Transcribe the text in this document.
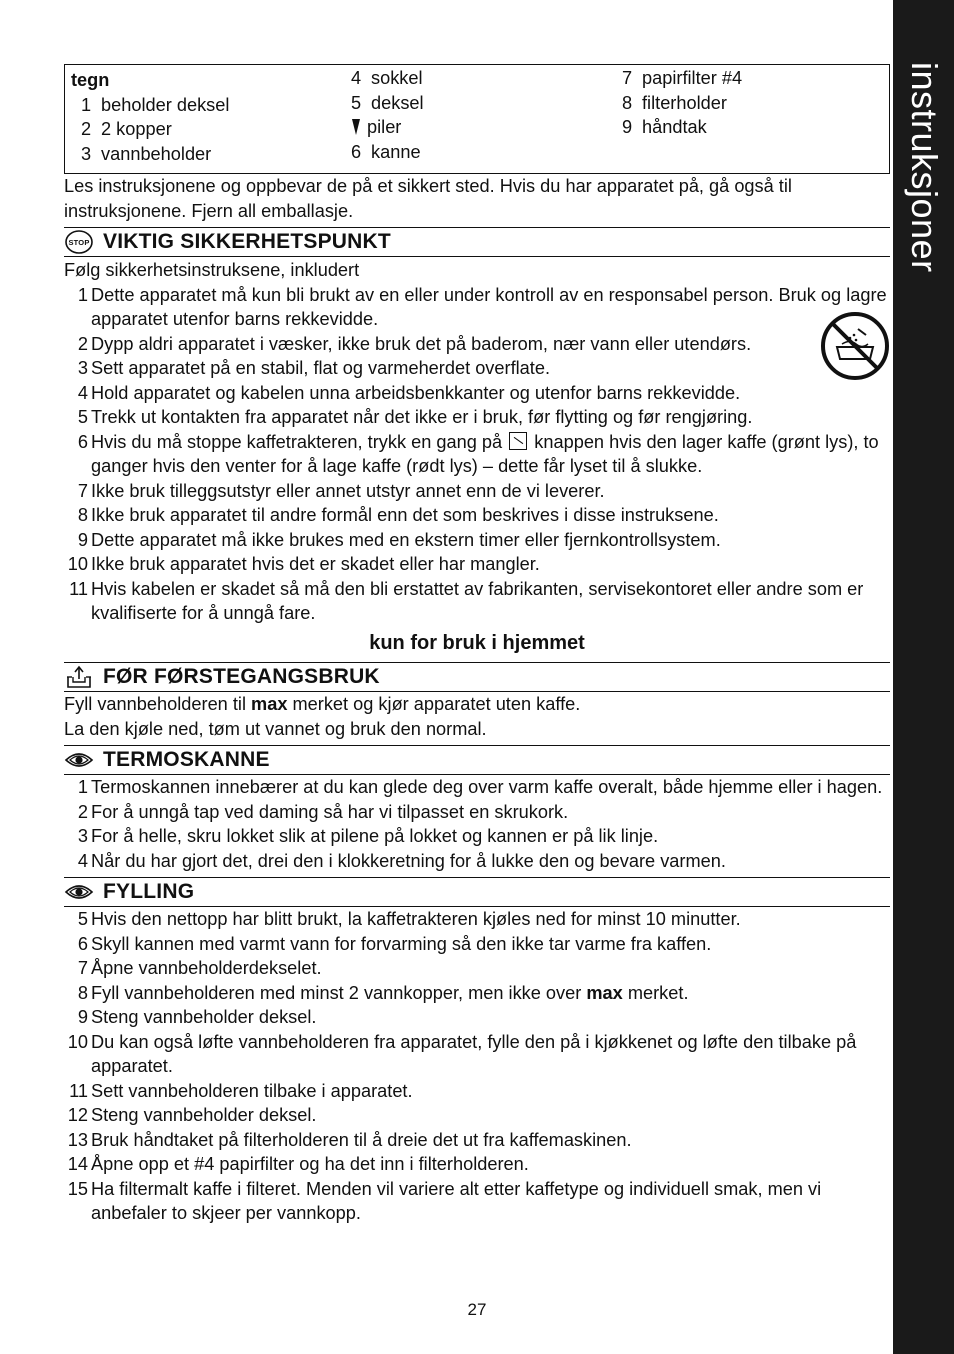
instruksjoner
tegn
1 beholder deksel
2 2 kopper
3 vannbeholder
4 sokkel
5 deksel
piler
6 kanne
7 papirfilter #4
8 filterholder
9 håndtak
Les instruksjonene og oppbevar de på et sikkert sted. Hvis du har apparatet på, gå også til instruksjonene. Fjern all emballasje.
STOP VIKTIG SIKKERHETSPUNKT
Følg sikkerhetsinstruksene, inkludert
1 Dette apparatet må kun bli brukt av en eller under kontroll av en responsabel person. Bruk og lagre apparatet utenfor barns rekkevidde.
2 Dypp aldri apparatet i væsker, ikke bruk det på baderom, nær vann eller utendørs.
3 Sett apparatet på en stabil, flat og varmeherdet overflate.
4 Hold apparatet og kabelen unna arbeidsbenkkanter og utenfor barns rekkevidde.
5 Trekk ut kontakten fra apparatet når det ikke er i bruk, før flytting og før rengjøring.
6 Hvis du må stoppe kaffetrakteren, trykk en gang på knappen hvis den lager kaffe (grønt lys), to ganger hvis den venter for å lage kaffe (rødt lys) – dette får lyset til å slukke.
7 Ikke bruk tilleggsutstyr eller annet utstyr annet enn de vi leverer.
8 Ikke bruk apparatet til andre formål enn det som beskrives i disse instruksene.
9 Dette apparatet må ikke brukes med en ekstern timer eller fjernkontrollsystem.
10 Ikke bruk apparatet hvis det er skadet eller har mangler.
11 Hvis kabelen er skadet så må den bli erstattet av fabrikanten, servisekontoret eller andre som er kvalifiserte for å unngå fare.
kun for bruk i hjemmet
FØR FØRSTEGANGSBRUK
Fyll vannbeholderen til max merket og kjør apparatet uten kaffe.
La den kjøle ned, tøm ut vannet og bruk den normal.
TERMOSKANNE
1 Termoskannen innebærer at du kan glede deg over varm kaffe overalt, både hjemme eller i hagen.
2 For å unngå tap ved daming så har vi tilpasset en skrukork.
3 For å helle, skru lokket slik at pilene på lokket og kannen er på lik linje.
4 Når du har gjort det, drei den i klokkeretning for å lukke den og bevare varmen.
FYLLING
5 Hvis den nettopp har blitt brukt, la kaffetrakteren kjøles ned for minst 10 minutter.
6 Skyll kannen med varmt vann for forvarming så den ikke tar varme fra kaffen.
7 Åpne vannbeholderdekselet.
8 Fyll vannbeholderen med minst 2 vannkopper, men ikke over max merket.
9 Steng vannbeholder deksel.
10 Du kan også løfte vannbeholderen fra apparatet, fylle den på i kjøkkenet og løfte den tilbake på apparatet.
11 Sett vannbeholderen tilbake i apparatet.
12 Steng vannbeholder deksel.
13 Bruk håndtaket på filterholderen til å dreie det ut fra kaffemaskinen.
14 Åpne opp et #4 papirfilter og ha det inn i filterholderen.
15 Ha filtermalt kaffe i filteret. Menden vil variere alt etter kaffetype og individuell smak, men vi anbefaler to skjeer per vannkopp.
27
